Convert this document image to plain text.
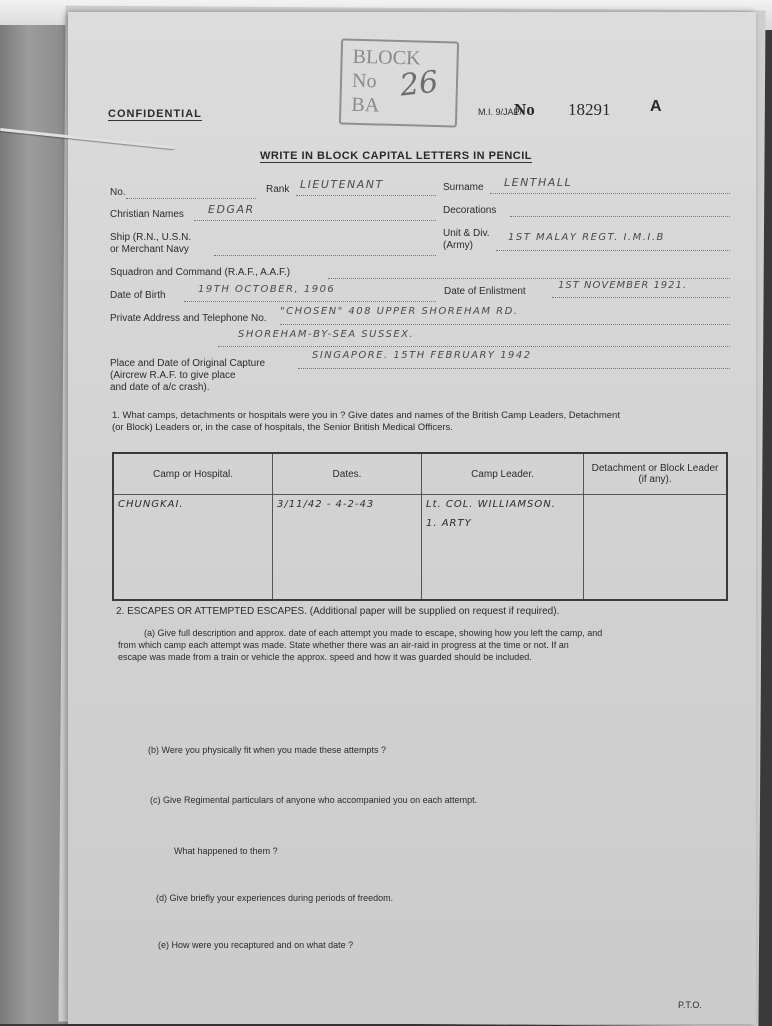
BLOCK
No
BA
26
CONFIDENTIAL	M.I. 9/JAP/
No 18291 A
WRITE IN BLOCK CAPITAL LETTERS IN PENCIL
No.	Rank LIEUTENANT	Surname LENTHALL
Christian Names EDGAR	Decorations
Ship (R.N., U.S.N.
or Merchant Navy
Unit & Div.
(Army)
1ST MALAY REGT. I.M.I.B
Squadron and Command (R.A.F., A.A.F.)
Date of Birth
19TH OCTOBER, 1906	Date of Enlistment
1ST NOVEMBER 1921.
Private Address and Telephone No.
"CHOSEN" 408 UPPER SHOREHAM RD.
SHOREHAM-BY-SEA SUSSEX.
Place and Date of Original Capture
(Aircrew R.A.F. to give place
and date of a/c crash).
SINGAPORE. 15TH FEBRUARY 1942
1. What camps, detachments or hospitals were you in ? Give dates and names of the British Camp Leaders, Detachment
(or Block) Leaders or, in the case of hospitals, the Senior British Medical Officers.
Camp or Hospital.	Dates.	Camp Leader.	Detachment or Block Leader (if any).
CHUNGKAI.	3/11/42 - 4-2-43	Lt. COL. WILLIAMSON.
1. ARTY	

2. ESCAPES OR ATTEMPTED ESCAPES. (Additional paper will be supplied on request if required).
(a) Give full description and approx. date of each attempt you made to escape, showing how you left the camp, and
from which camp each attempt was made. State whether there was an air-raid in progress at the time or not. If an
escape was made from a train or vehicle the approx. speed and how it was guarded should be included.
(b) Were you physically fit when you made these attempts ?
(c) Give Regimental particulars of anyone who accompanied you on each attempt.
What happened to them ?
(d) Give briefly your experiences during periods of freedom.
(e) How were you recaptured and on what date ?
P.T.O.
